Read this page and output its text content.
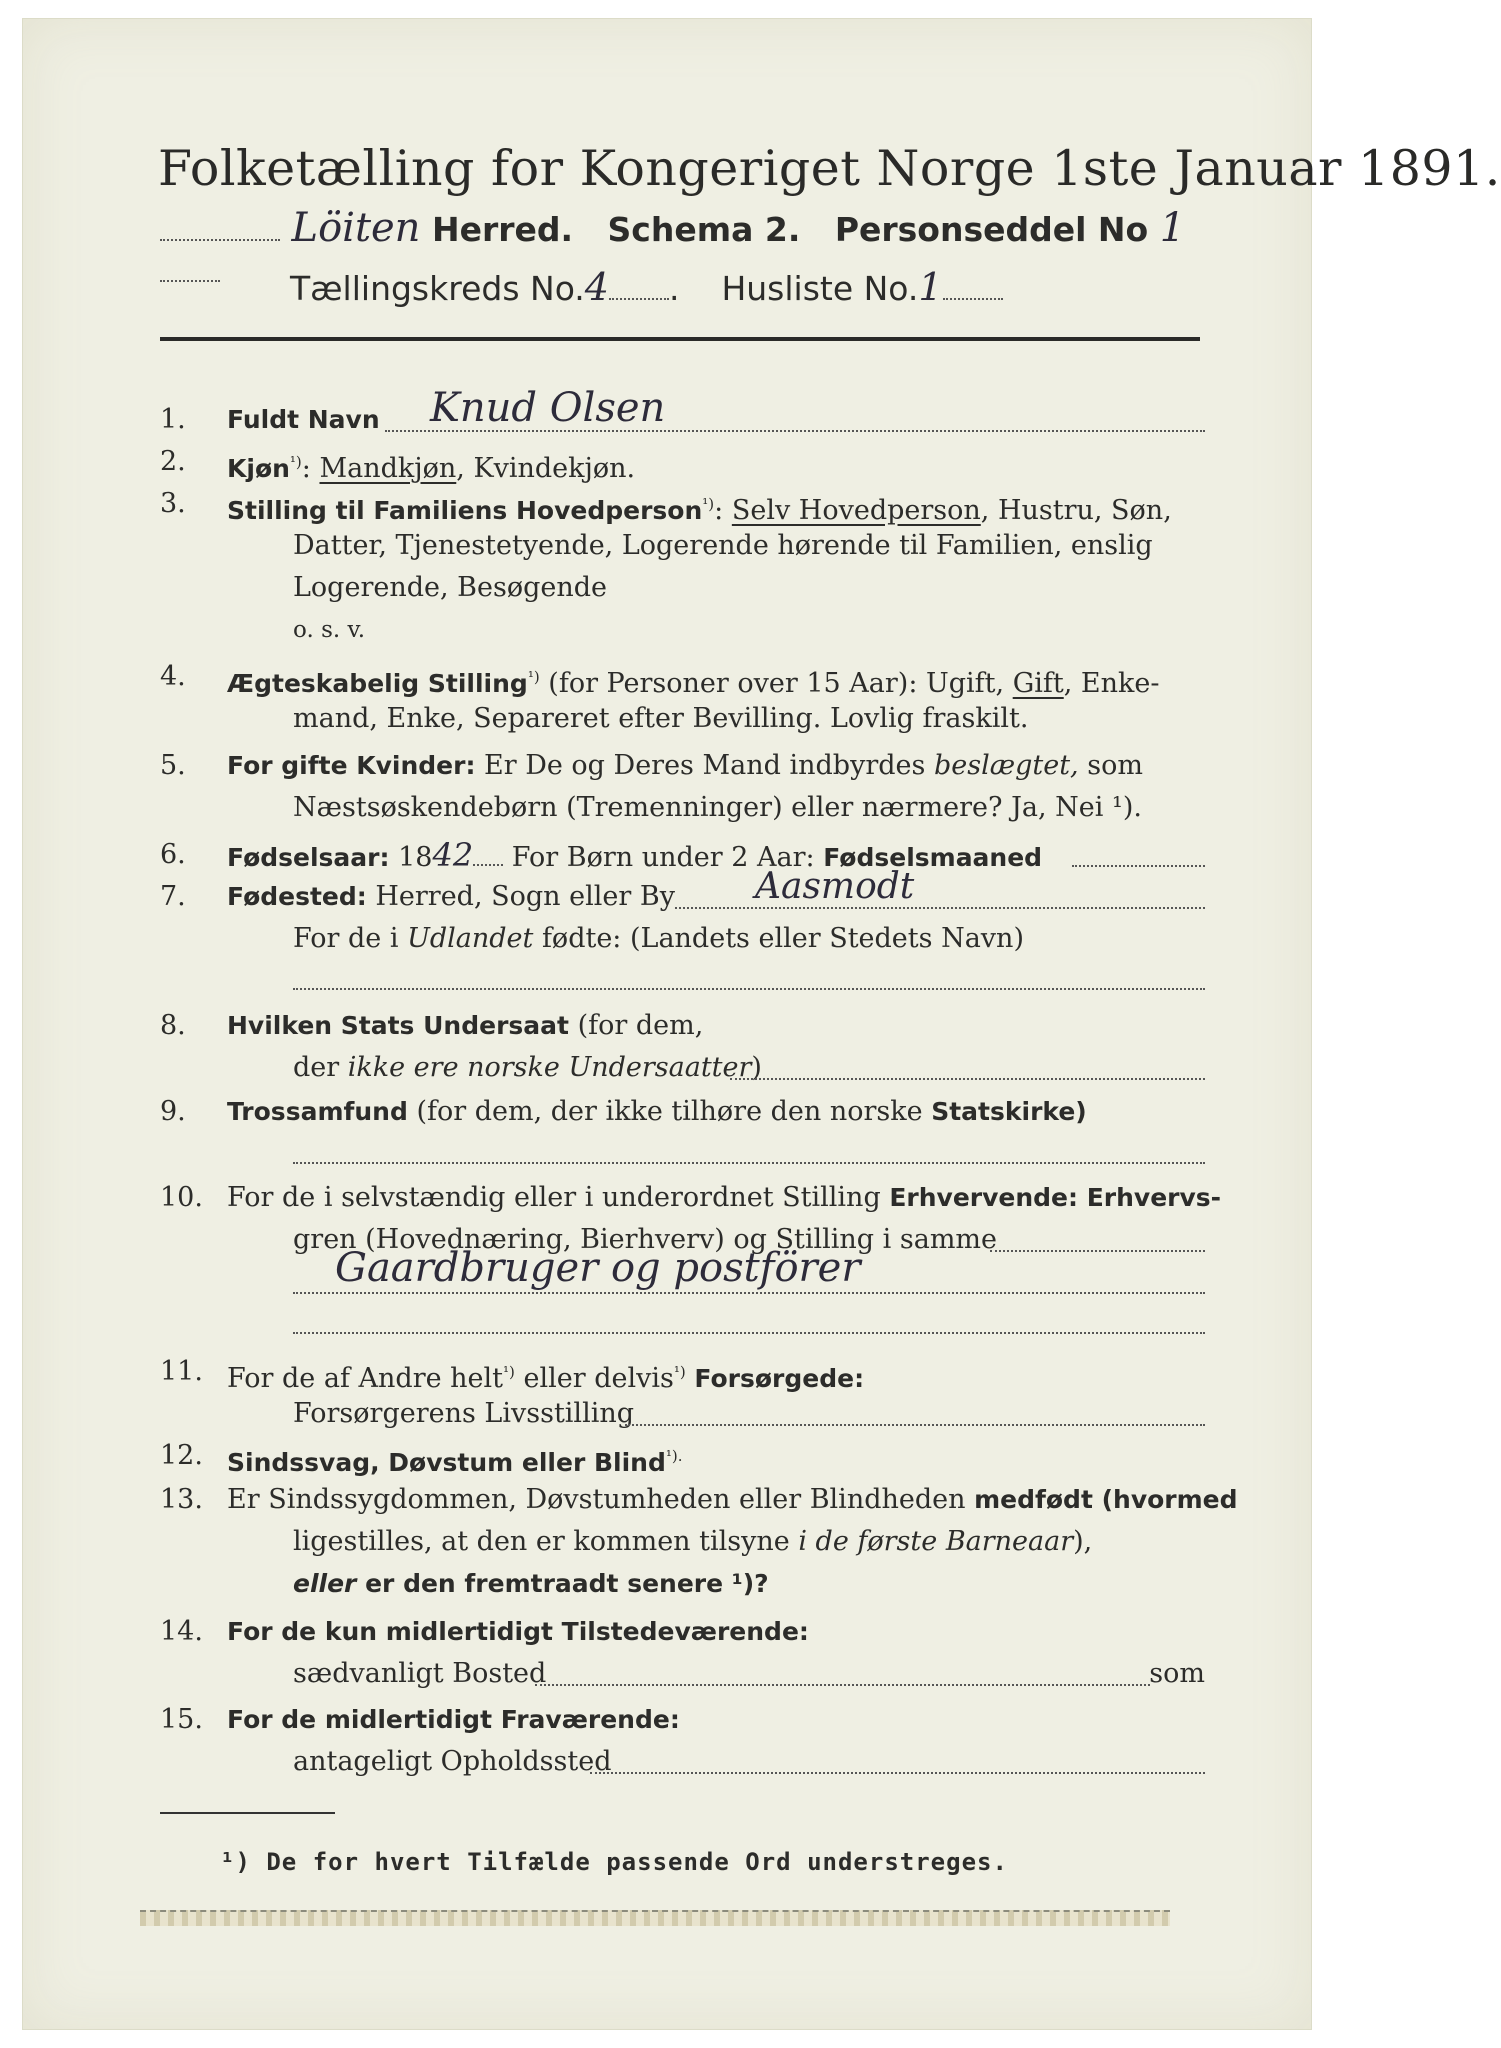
Folketælling for Kongeriget Norge 1ste Januar 1891.
Löiten Herred. Schema 2. Personseddel No 1
Tællingskreds No.4 .    Husliste No.1
1.	Fuldt Navn Knud Olsen
2.	Kjøn$^{^1)}$: Mandkjøn, Kvindekjøn.
3.	Stilling til Familiens Hovedperson$^{^1)}$: Selv Hovedperson, Hustru, Søn,
Datter, Tjenestetyende, Logerende hørende til Familien, enslig
Logerende, Besøgende
o. s. v.
4.	Ægteskabelig Stilling$^{^1)}$ (for Personer over 15 Aar): Ugift, Gift, Enke-
mand, Enke, Separeret efter Bevilling. Lovlig fraskilt.
5.	For gifte Kvinder: Er De og Deres Mand indbyrdes beslægtet, som
Næstsøskendebørn (Tremenninger) eller nærmere? Ja, Nei ¹).
6.	Fødselsaar: 1842 For Børn under 2 Aar: Fødselsmaaned
7.	Fødested: Herred, Sogn eller By Aasmodt
For de i Udlandet fødte: (Landets eller Stedets Navn)
8.	Hvilken Stats Undersaat (for dem,
der ikke ere norske Undersaatter)
9.	Trossamfund (for dem, der ikke tilhøre den norske Statskirke)
10. For de i selvstændig eller i underordnet Stilling Erhvervende: Erhvervs-
gren (Hovednæring, Bierhverv) og Stilling i samme
Gaardbruger og postförer
11. For de af Andre helt$^{^1)}$ eller delvis$^{^1)}$ Forsørgede:
Forsørgerens Livsstilling
12. Sindssvag, Døvstum eller Blind$^{^1).}$
13. Er Sindssygdommen, Døvstumheden eller Blindheden medfødt (hvormed
ligestilles, at den er kommen tilsyne i de første Barneaar),
eller er den fremtraadt senere ¹)?
14. For de kun midlertidigt Tilstedeværende:
sædvanligt Bosted	som
15. For de midlertidigt Fraværende:
antageligt Opholdssted
¹) De for hvert Tilfælde passende Ord understreges.
